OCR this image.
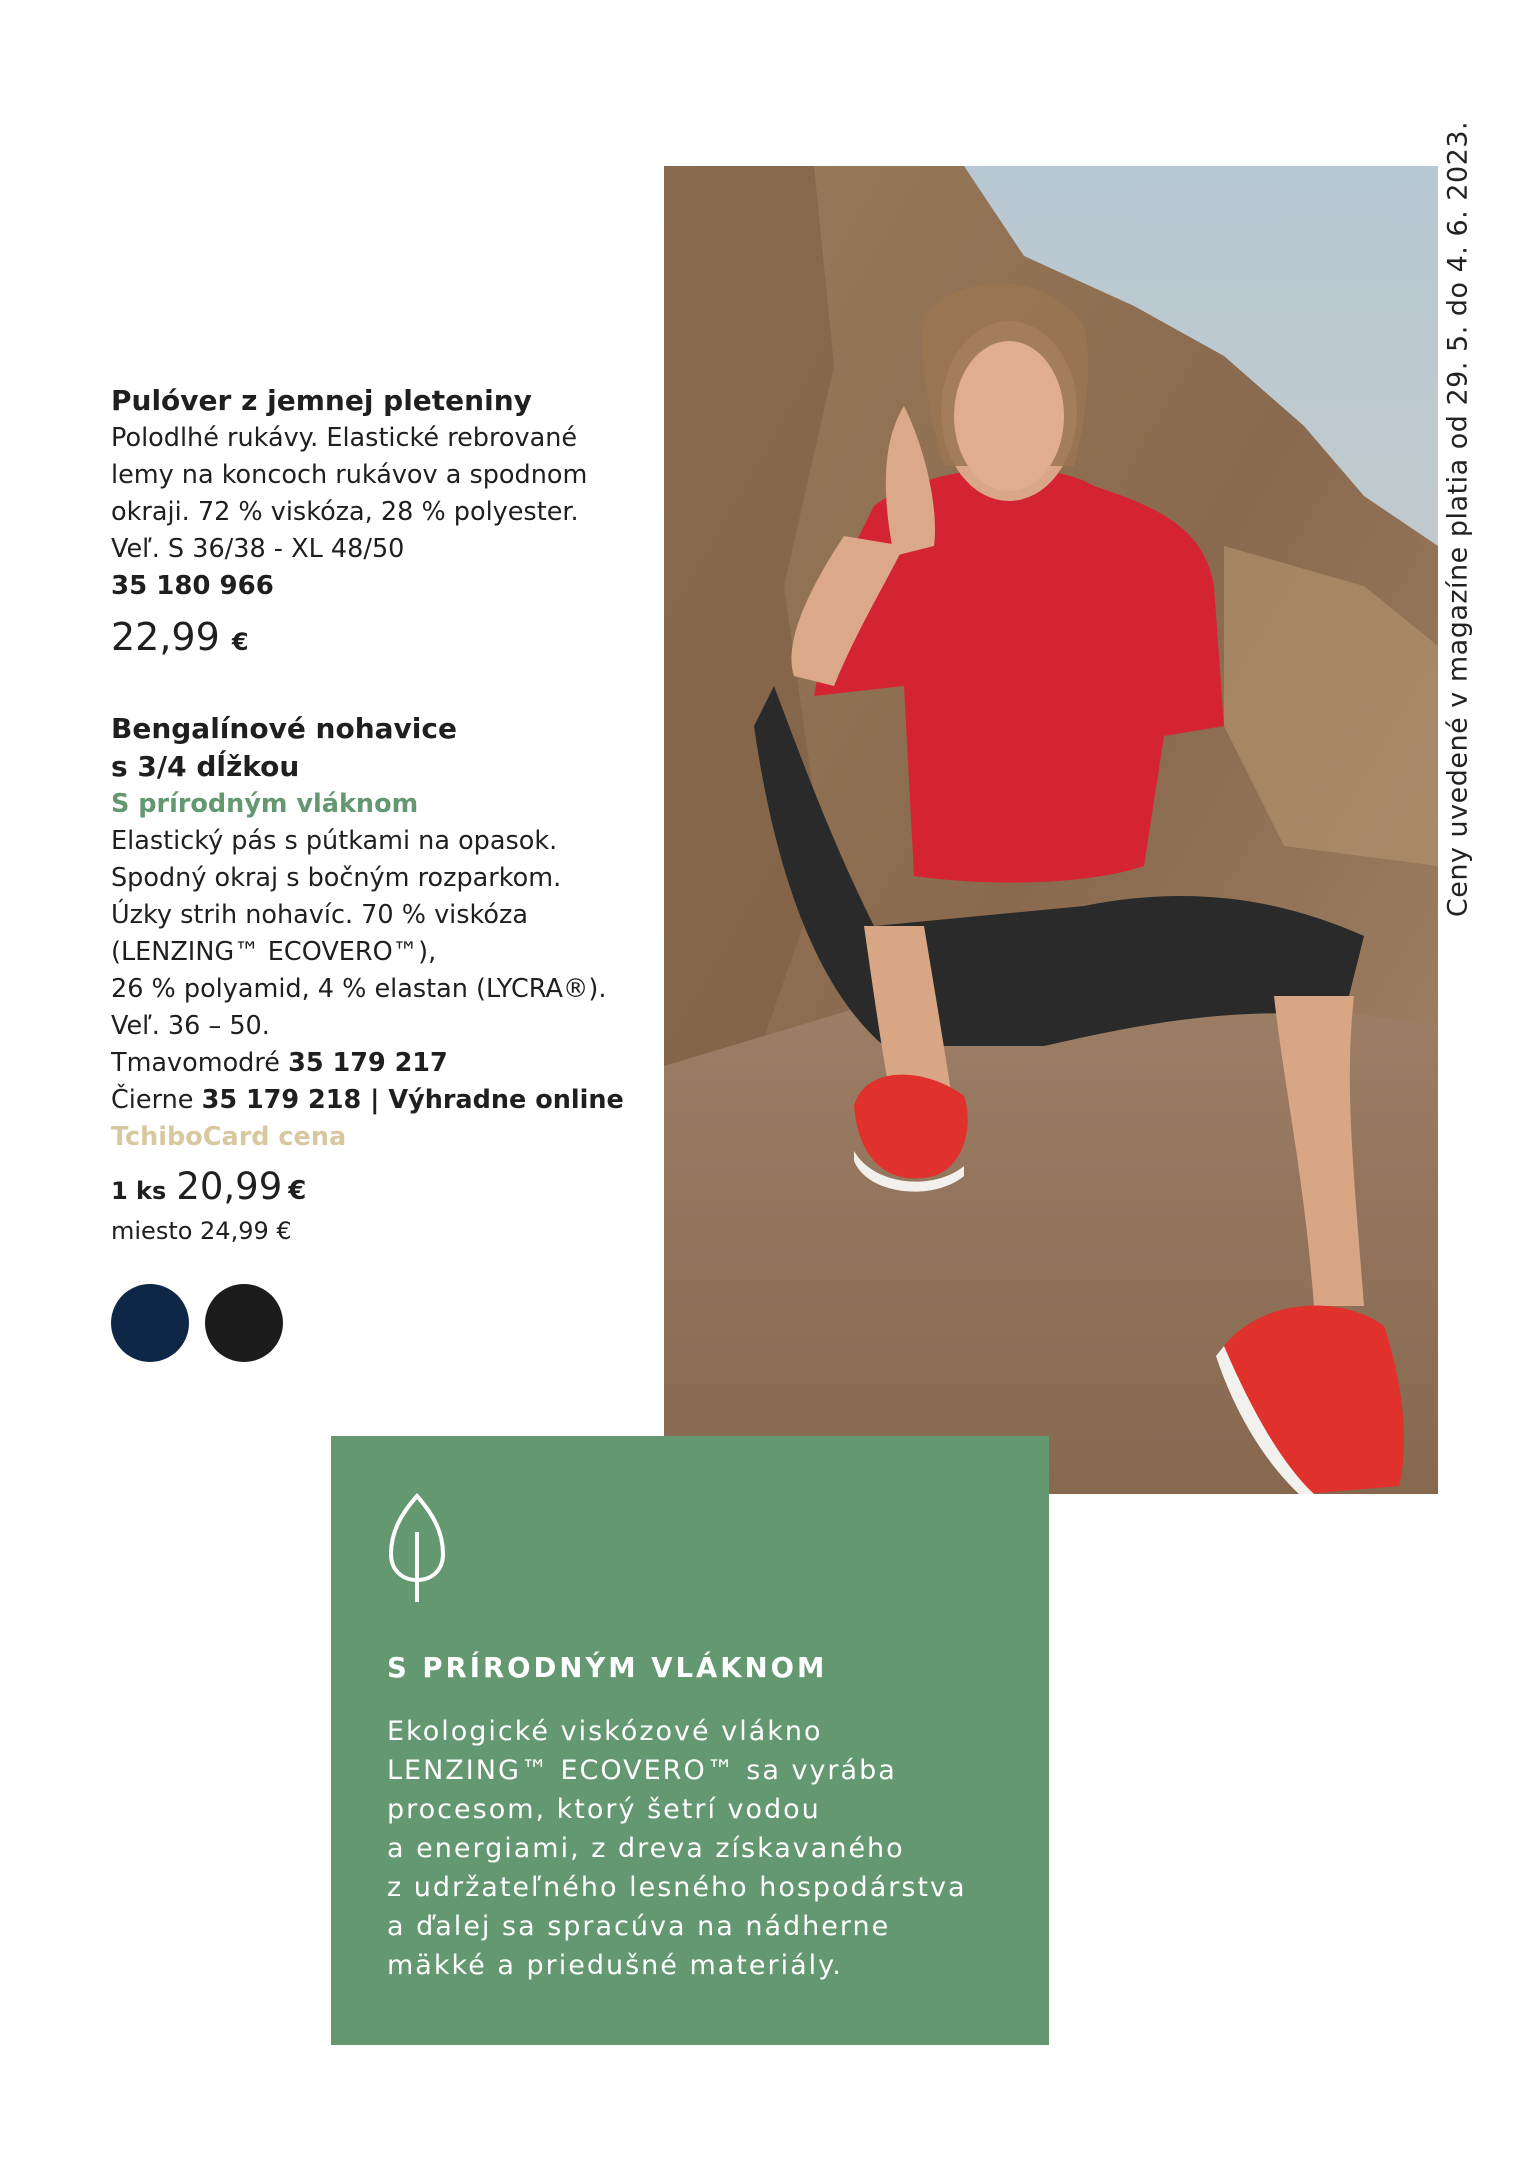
Ceny uvedené v magazíne platia od 29. 5. do 4. 6. 2023.
Pulóver z jemnej pleteniny
Polodlhé rukávy. Elastické rebrované
lemy na koncoch rukávov a spodnom
okraji. 72 % viskóza, 28 % polyester.
Veľ. S 36/38 - XL 48/50
35 180 966
22,99 €
Bengalínové nohavice
s 3/4 dĺžkou
S prírodným vláknom
Elastický pás s pútkami na opasok.
Spodný okraj s bočným rozparkom.
Úzky strih nohavíc. 70 % viskóza
(LENZING™ ECOVERO™),
26 % polyamid, 4 % elastan (LYCRA®).
Veľ. 36 – 50.
Tmavomodré 35 179 217
Čierne 35 179 218 | Výhradne online
TchiboCard cena
1 ks 20,99 €
miesto 24,99 €
S PRÍRODNÝM VLÁKNOM
Ekologické viskózové vlákno
LENZING™ ECOVERO™ sa vyrába
procesom, ktorý šetrí vodou
a energiami, z dreva získavaného
z udržateľného lesného hospodárstva
a ďalej sa spracúva na nádherne
mäkké a priedušné materiály.
